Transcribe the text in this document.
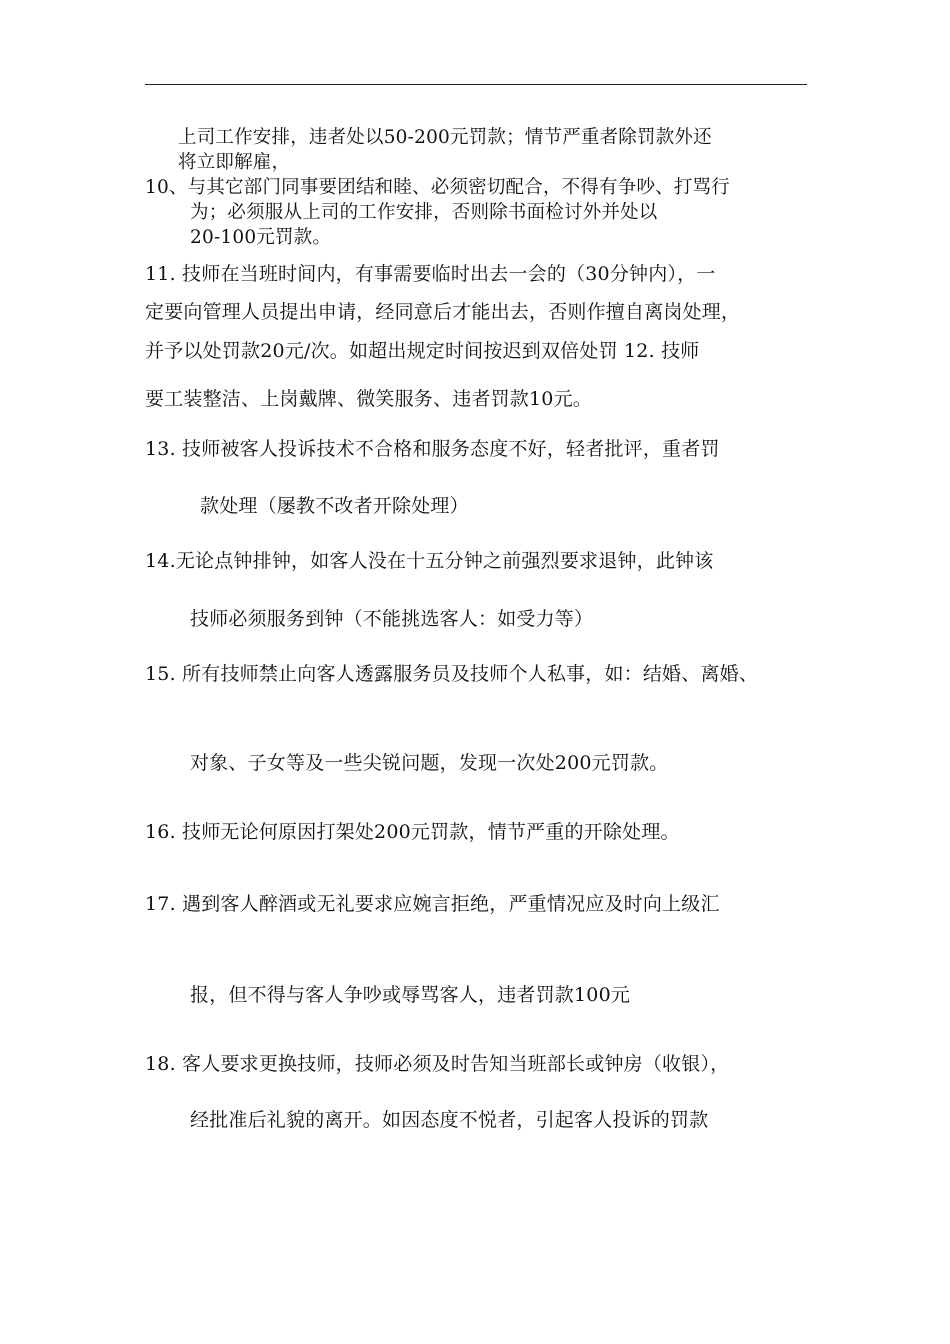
上司工作安排，违者处以50-200元罚款；情节严重者除罚款外还
将立即解雇，
10、与其它部门同事要团结和睦、必须密切配合，不得有争吵、打骂行
为；必须服从上司的工作安排，否则除书面检讨外并处以
20-100元罚款。
11. 技师在当班时间内，有事需要临时出去一会的（30分钟内），一
定要向管理人员提出申请，经同意后才能出去，否则作擅自离岗处理，
并予以处罚款20元/次。如超出规定时间按迟到双倍处罚 12. 技师
要工装整洁、上岗戴牌、微笑服务、违者罚款10元。
13. 技师被客人投诉技术不合格和服务态度不好，轻者批评，重者罚
款处理（屡教不改者开除处理）
14.无论点钟排钟，如客人没在十五分钟之前强烈要求退钟，此钟该
技师必须服务到钟（不能挑选客人：如受力等）
15. 所有技师禁止向客人透露服务员及技师个人私事，如：结婚、离婚、
对象、子女等及一些尖锐问题，发现一次处200元罚款。
16. 技师无论何原因打架处200元罚款，情节严重的开除处理。
17. 遇到客人醉酒或无礼要求应婉言拒绝，严重情况应及时向上级汇
报，但不得与客人争吵或辱骂客人，违者罚款100元
18. 客人要求更换技师，技师必须及时告知当班部长或钟房（收银），
经批准后礼貌的离开。如因态度不悦者，引起客人投诉的罚款
